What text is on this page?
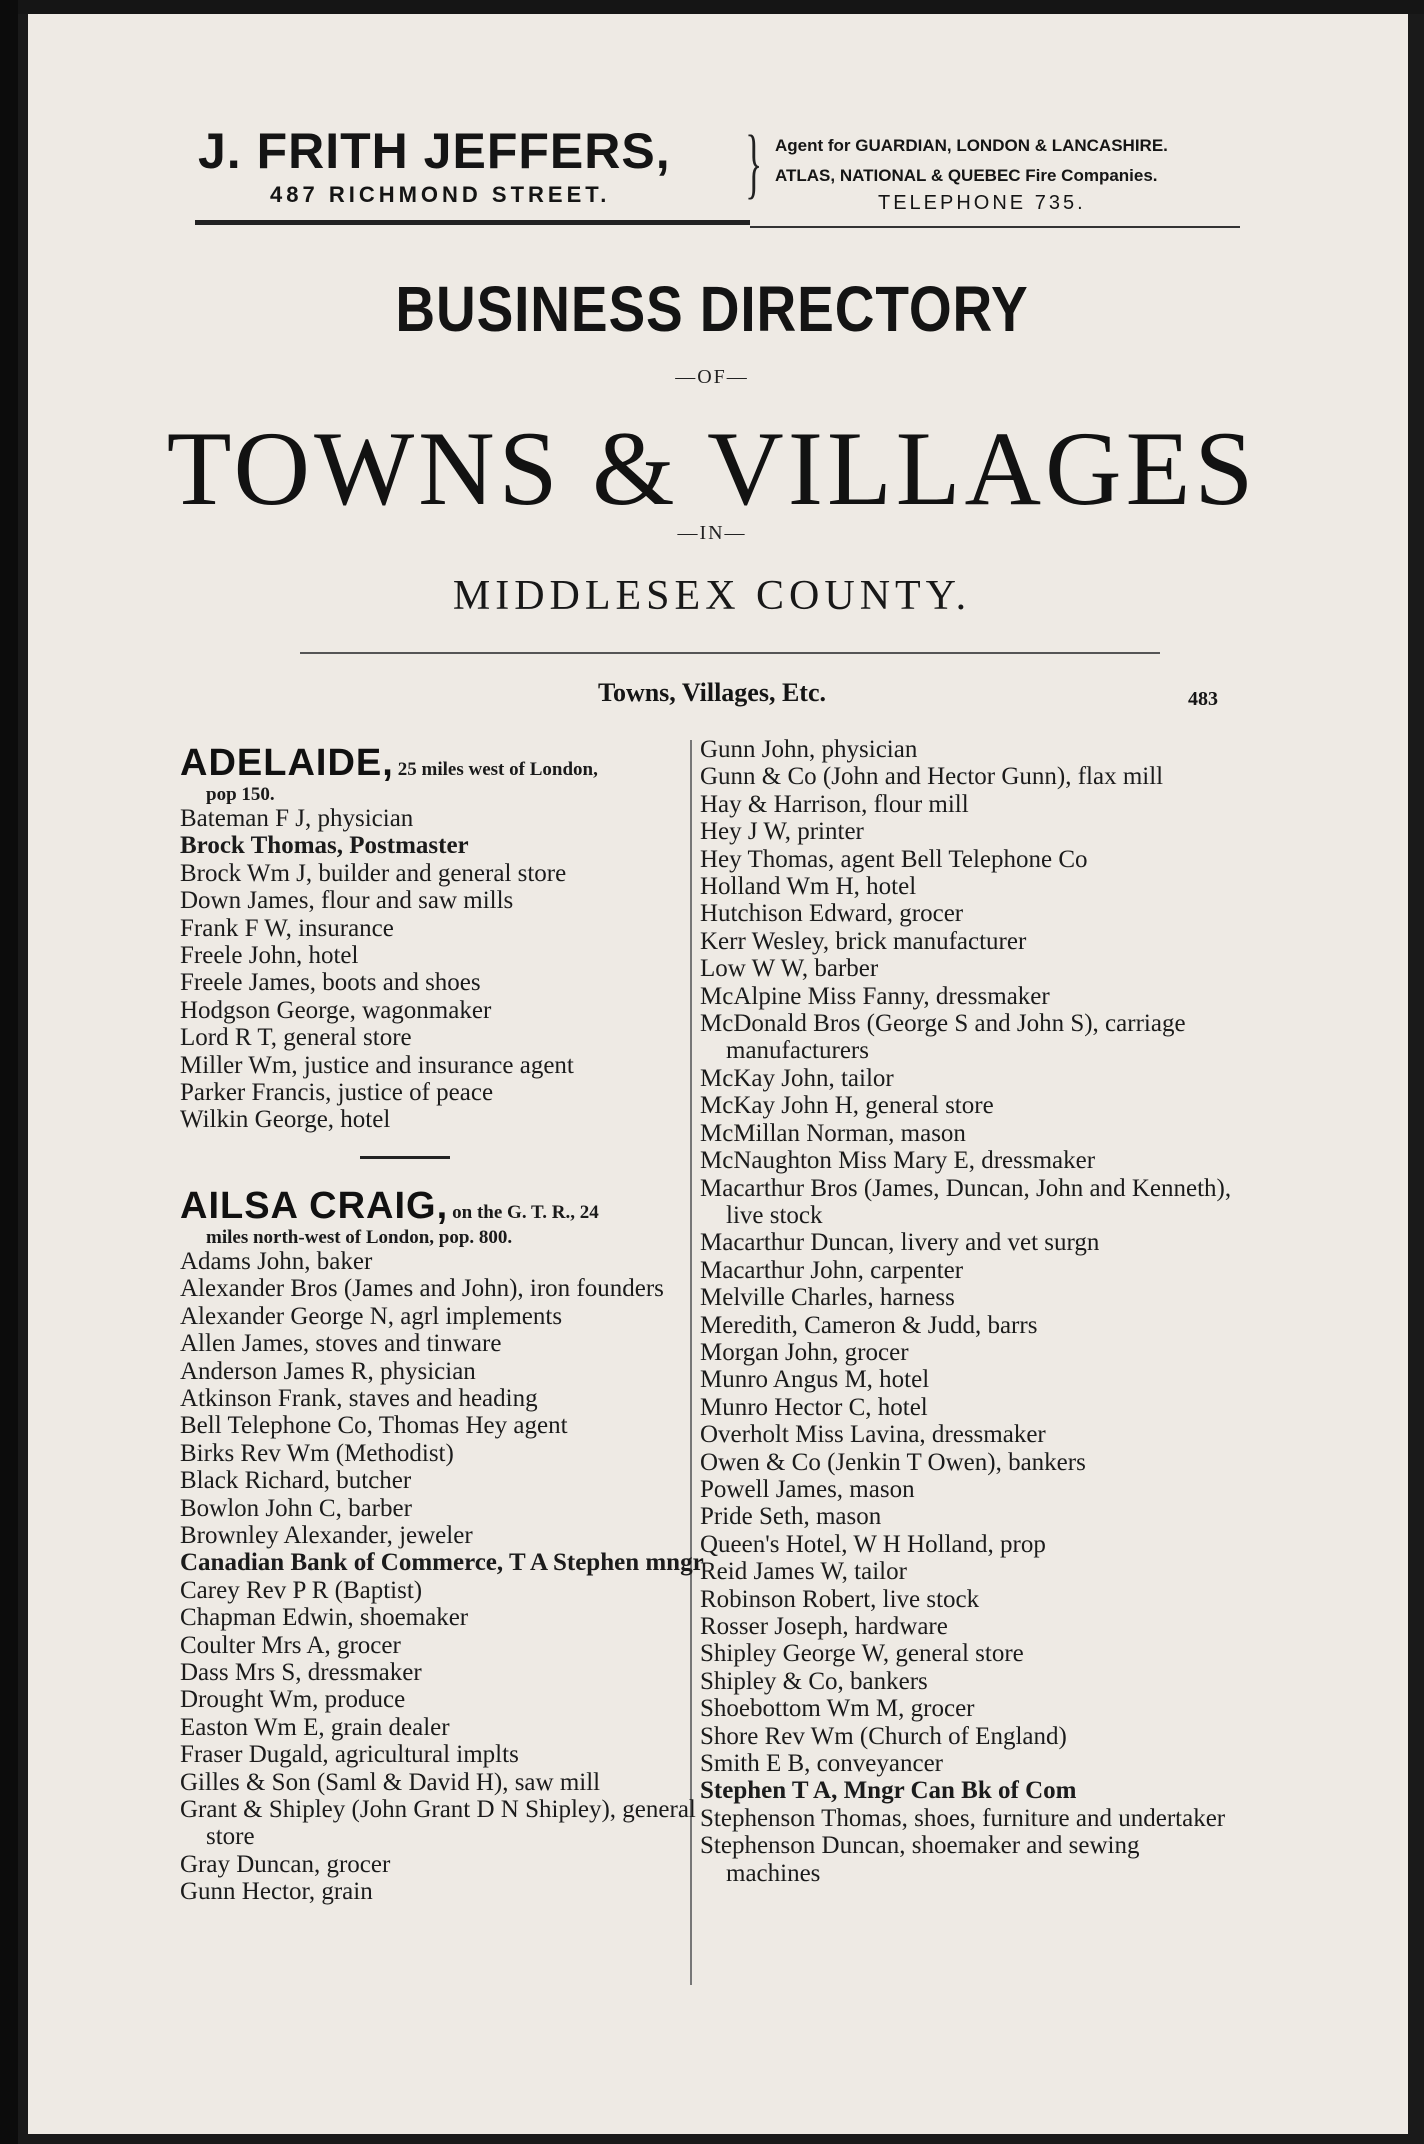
J. FRITH JEFFERS,
487 RICHMOND STREET. } Agent for GUARDIAN, LONDON & LANCASHIRE.
ATLAS, NATIONAL & QUEBEC Fire Companies.
TELEPHONE 735.
BUSINESS DIRECTORY
—OF—
TOWNS & VILLAGES
—IN—
MIDDLESEX COUNTY.
Towns, Villages, Etc.	483
ADELAIDE, 25 miles west of London,
pop 150.
Bateman F J, physician
Brock Thomas, Postmaster
Brock Wm J, builder and general store
Down James, flour and saw mills
Frank F W, insurance
Freele John, hotel
Freele James, boots and shoes
Hodgson George, wagonmaker
Lord R T, general store
Miller Wm, justice and insurance agent
Parker Francis, justice of peace
Wilkin George, hotel
AILSA CRAIG, on the G. T. R., 24
miles north-west of London, pop. 800.
Adams John, baker
Alexander Bros (James and John), iron founders
Alexander George N, agrl implements
Allen James, stoves and tinware
Anderson James R, physician
Atkinson Frank, staves and heading
Bell Telephone Co, Thomas Hey agent
Birks Rev Wm (Methodist)
Black Richard, butcher
Bowlon John C, barber
Brownley Alexander, jeweler
Canadian Bank of Commerce, T A Stephen mngr
Carey Rev P R (Baptist)
Chapman Edwin, shoemaker
Coulter Mrs A, grocer
Dass Mrs S, dressmaker
Drought Wm, produce
Easton Wm E, grain dealer
Fraser Dugald, agricultural implts
Gilles & Son (Saml & David H), saw mill
Grant & Shipley (John Grant D N Shipley), general store
Gray Duncan, grocer
Gunn Hector, grain
Gunn John, physician
Gunn & Co (John and Hector Gunn), flax mill
Hay & Harrison, flour mill
Hey J W, printer
Hey Thomas, agent Bell Telephone Co
Holland Wm H, hotel
Hutchison Edward, grocer
Kerr Wesley, brick manufacturer
Low W W, barber
McAlpine Miss Fanny, dressmaker
McDonald Bros (George S and John S), carriage manufacturers
McKay John, tailor
McKay John H, general store
McMillan Norman, mason
McNaughton Miss Mary E, dressmaker
Macarthur Bros (James, Duncan, John and Kenneth), live stock
Macarthur Duncan, livery and vet surgn
Macarthur John, carpenter
Melville Charles, harness
Meredith, Cameron & Judd, barrs
Morgan John, grocer
Munro Angus M, hotel
Munro Hector C, hotel
Overholt Miss Lavina, dressmaker
Owen & Co (Jenkin T Owen), bankers
Powell James, mason
Pride Seth, mason
Queen's Hotel, W H Holland, prop
Reid James W, tailor
Robinson Robert, live stock
Rosser Joseph, hardware
Shipley George W, general store
Shipley & Co, bankers
Shoebottom Wm M, grocer
Shore Rev Wm (Church of England)
Smith E B, conveyancer
Stephen T A, Mngr Can Bk of Com
Stephenson Thomas, shoes, furniture and undertaker
Stephenson Duncan, shoemaker and sewing machines
